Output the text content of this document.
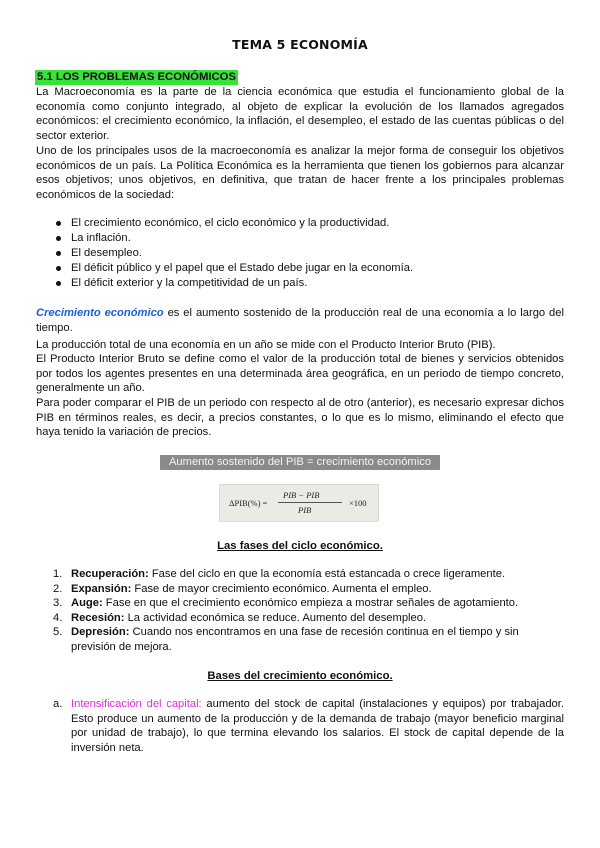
TEMA 5 ECONOMÍA
5.1 LOS PROBLEMAS ECONÓMICOS

La Macroeconomía es la parte de la ciencia económica que estudia el funcionamiento global de la economía como conjunto integrado, al objeto de explicar la evolución de los llamados agregados económicos: el crecimiento económico, la inflación, el desempleo, el estado de las cuentas públicas o del sector exterior.

Uno de los principales usos de la macroeconomía es analizar la mejor forma de conseguir los objetivos económicos de un país. La Política Económica es la herramienta que tienen los gobiernos para alcanzar esos objetivos; unos objetivos, en definitiva, que tratan de hacer frente a los principales problemas económicos de la sociedad:

El crecimiento económico, el ciclo económico y la productividad.
La inflación.
El desempleo.
El déficit público y el papel que el Estado debe jugar en la economía.
El déficit exterior y la competitividad de un país.

Crecimiento económico es el aumento sostenido de la producción real de una economía a lo largo del tiempo.

La producción total de una economía en un año se mide con el Producto Interior Bruto (PIB).

El Producto Interior Bruto se define como el valor de la producción total de bienes y servicios obtenidos por todos los agentes presentes en una determinada área geográfica, en un periodo de tiempo concreto, generalmente un año.

Para poder comparar el PIB de un periodo con respecto al de otro (anterior), es necesario expresar dichos PIB en términos reales, es decir, a precios constantes, o lo que es lo mismo, eliminando el efecto que haya tenido la variación de precios.

Aumento sostenido del PIB = crecimiento económico
ΔPIB(%) =
PIB − PIB
PIB
×100
Las fases del ciclo económico.
1. Recuperación: Fase del ciclo en que la economía está estancada o crece ligeramente.
2. Expansión: Fase de mayor crecimiento económico. Aumenta el empleo.
3. Auge: Fase en que el crecimiento económico empieza a mostrar señales de agotamiento.
4. Recesión: La actividad económica se reduce. Aumento del desempleo.
5. Depresión: Cuando nos encontramos en una fase de recesión continua en el tiempo y sin previsión de mejora.
Bases del crecimiento económico.
a. Intensificación del capital: aumento del stock de capital (instalaciones y equipos) por trabajador. Esto produce un aumento de la producción y de la demanda de trabajo (mayor beneficio marginal por unidad de trabajo), lo que termina elevando los salarios. El stock de capital depende de la inversión neta.
